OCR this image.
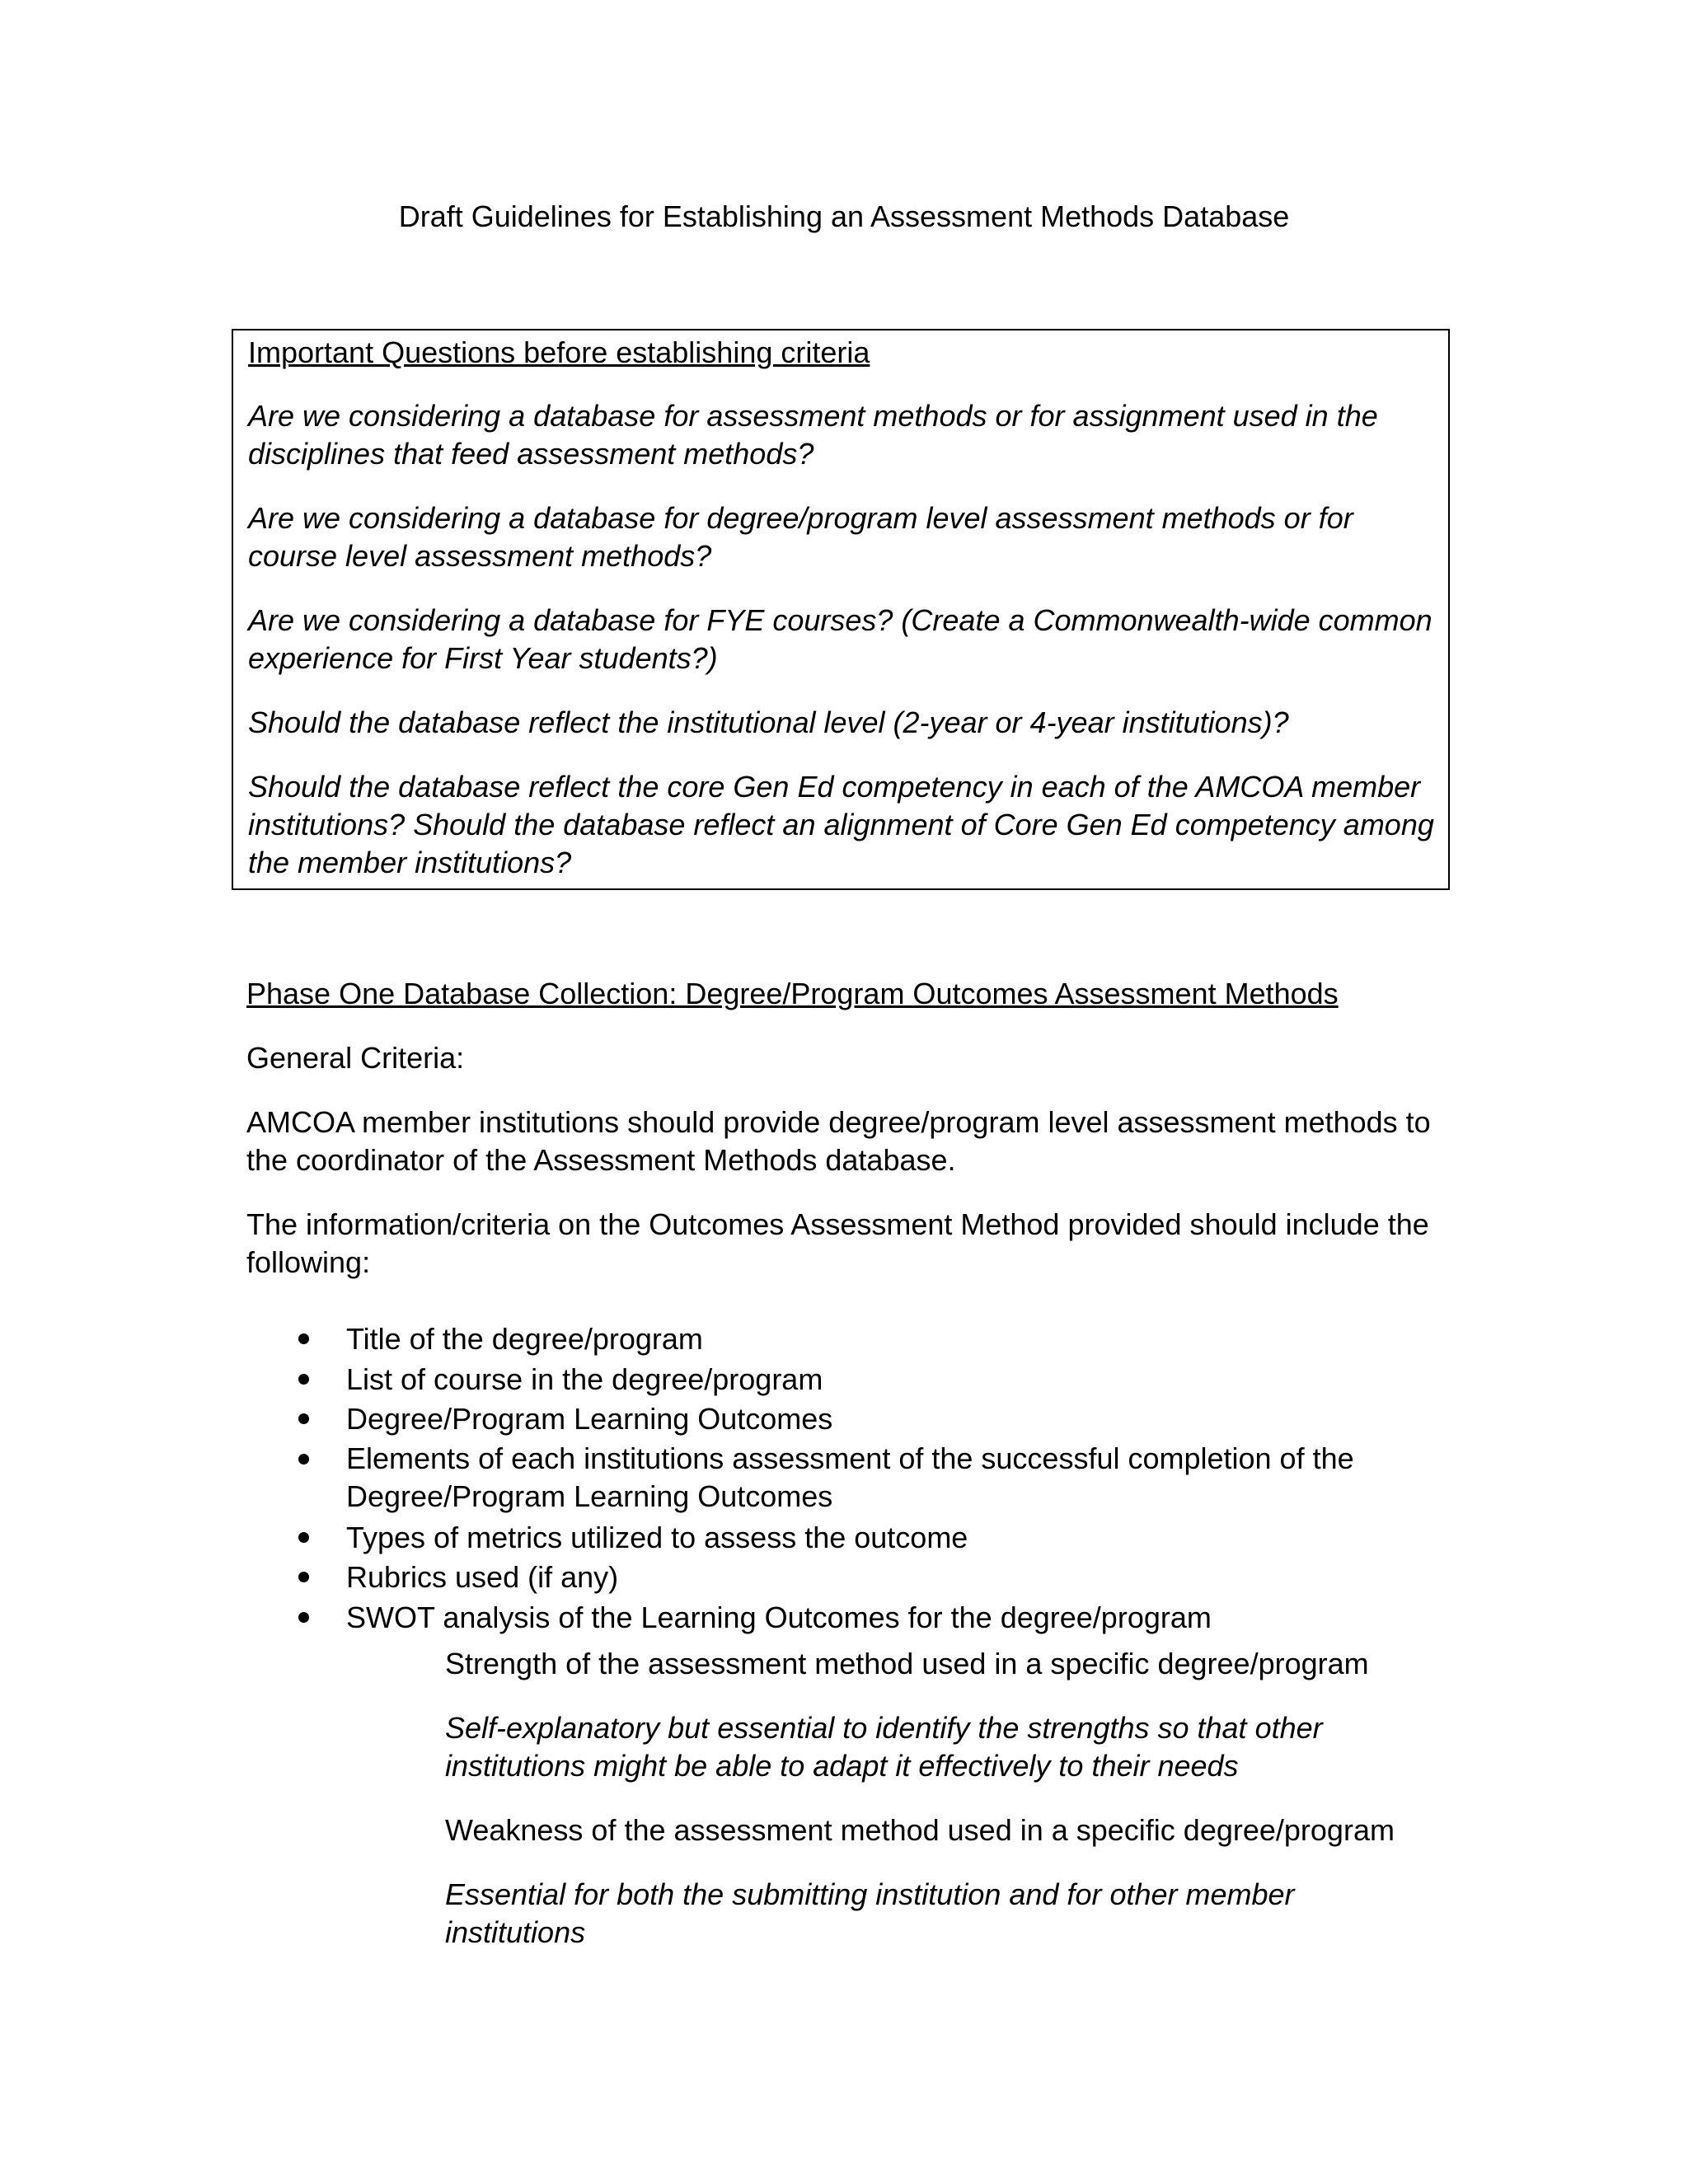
Draft Guidelines for Establishing an Assessment Methods Database
Important Questions before establishing criteria

Are we considering a database for assessment methods or for assignment used in the disciplines that feed assessment methods?

Are we considering a database for degree/program level assessment methods or for course level assessment methods?

Are we considering a database for FYE courses? (Create a Commonwealth-wide common experience for First Year students?)

Should the database reflect the institutional level (2-year or 4-year institutions)?

Should the database reflect the core Gen Ed competency in each of the AMCOA member institutions? Should the database reflect an alignment of Core Gen Ed competency among the member institutions?

Phase One Database Collection: Degree/Program Outcomes Assessment Methods

General Criteria:

AMCOA member institutions should provide degree/program level assessment methods to the coordinator of the Assessment Methods database.

The information/criteria on the Outcomes Assessment Method provided should include the following:

Title of the degree/program
List of course in the degree/program
Degree/Program Learning Outcomes
Elements of each institutions assessment of the successful completion of the Degree/Program Learning Outcomes
Types of metrics utilized to assess the outcome
Rubrics used (if any)
SWOT analysis of the Learning Outcomes for the degree/program

Strength of the assessment method used in a specific degree/program

Self-explanatory but essential to identify the strengths so that other institutions might be able to adapt it effectively to their needs

Weakness of the assessment method used in a specific degree/program

Essential for both the submitting institution and for other member institutions
